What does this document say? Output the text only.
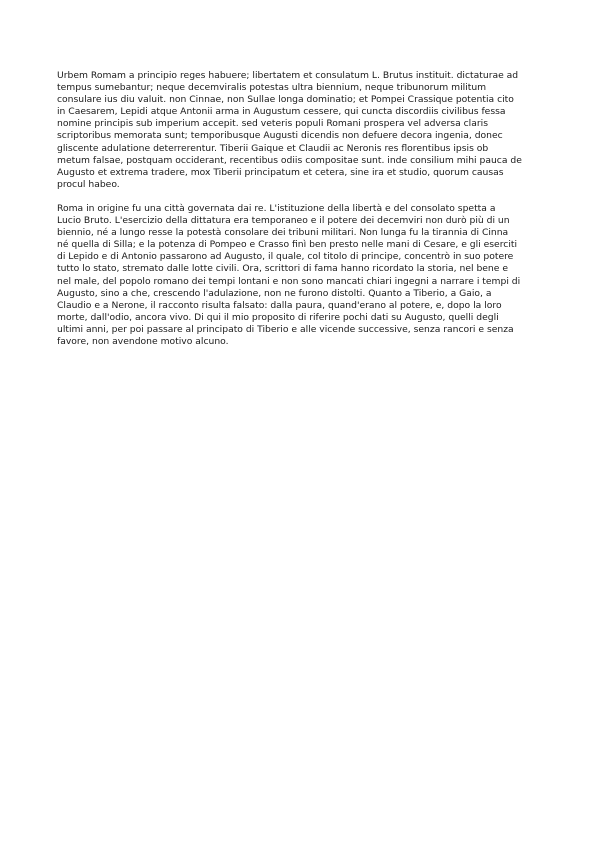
Urbem Romam a principio reges habuere; libertatem et consulatum L. Brutus instituit. dictaturae ad
tempus sumebantur; neque decemviralis potestas ultra biennium, neque tribunorum militum
consulare ius diu valuit. non Cinnae, non Sullae longa dominatio; et Pompei Crassique potentia cito
in Caesarem, Lepidi atque Antonii arma in Augustum cessere, qui cuncta discordiis civilibus fessa
nomine principis sub imperium accepit. sed veteris populi Romani prospera vel adversa claris
scriptoribus memorata sunt; temporibusque Augusti dicendis non defuere decora ingenia, donec
gliscente adulatione deterrerentur. Tiberii Gaique et Claudii ac Neronis res florentibus ipsis ob
metum falsae, postquam occiderant, recentibus odiis compositae sunt. inde consilium mihi pauca de
Augusto et extrema tradere, mox Tiberii principatum et cetera, sine ira et studio, quorum causas
procul habeo.

Roma in origine fu una città governata dai re. L'istituzione della libertà e del consolato spetta a
Lucio Bruto. L'esercizio della dittatura era temporaneo e il potere dei decemviri non durò più di un
biennio, né a lungo resse la potestà consolare dei tribuni militari. Non lunga fu la tirannia di Cinna
né quella di Silla; e la potenza di Pompeo e Crasso finì ben presto nelle mani di Cesare, e gli eserciti
di Lepido e di Antonio passarono ad Augusto, il quale, col titolo di principe, concentrò in suo potere
tutto lo stato, stremato dalle lotte civili. Ora, scrittori di fama hanno ricordato la storia, nel bene e
nel male, del popolo romano dei tempi lontani e non sono mancati chiari ingegni a narrare i tempi di
Augusto, sino a che, crescendo l'adulazione, non ne furono distolti. Quanto a Tiberio, a Gaio, a
Claudio e a Nerone, il racconto risulta falsato: dalla paura, quand'erano al potere, e, dopo la loro
morte, dall'odio, ancora vivo. Di qui il mio proposito di riferire pochi dati su Augusto, quelli degli
ultimi anni, per poi passare al principato di Tiberio e alle vicende successive, senza rancori e senza
favore, non avendone motivo alcuno.
